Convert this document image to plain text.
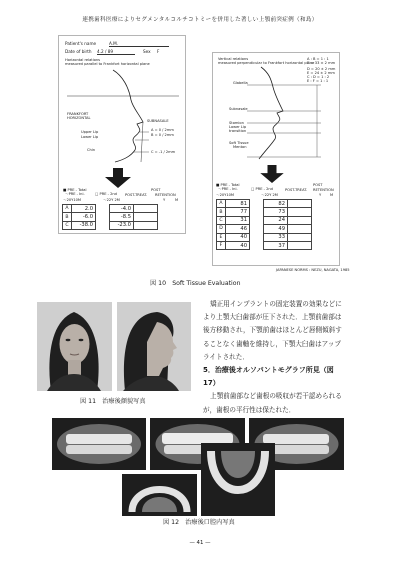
連携歯科医療によりセグメンタルコルチコトミーを併用した著しい上顎前突症例（和島）
Patient's name	A.M.
Date of birth 4.2 / 89	Sex F
Horizontal relations
measured parallel to Frankfort horizontal plane
FRANKFORT
HORIZONTAL
SUBNASALE
Upper Lip
Lower Lip
Chin
A = 0 / 2mm
B = 0 / 2mm
C = -1 / 2mm
■ PRE - Total
□ PRE - 2nd
POST
〜PRE - Ini.	POST-TREAT. RETENTION
〜20Y10M	〜22Y 2M	Y	M
A	2.0		-4.0	
B	-6.0		-8.5	
C	-38.0		-23.0	
Vertical relations
measured perpendicular to Frankfort horizontal plane
Glabella
Subnasale
Stomion
Lower Lip
transition
Soft Tissue
Menton
A : B = 1 : 1
C = 33 ± 2 mm
D = 20 ± 2 mm
E = 24 ± 2 mm
C : D = 1 : 2
E : F = 1 : 1
■ PRE - Total
□ PRE - 2nd
POST
〜PRE - Ini.	POST-TREAT. RETENTION
〜20Y10M	〜22Y 2M	Y M
A	81		82	
B	77		73	
C	31		24	
D	46		49	
E	40		33	
F	40		37	
JAPANESE NORMS : NEZU, NAGATA, 1985
図 10　Soft Tissue Evaluation
図 11　治療後顔貌写真

矯正用インプラントの固定装置の効果などにより上顎大臼歯部が圧下された．上顎前歯部は後方移動され，下顎前歯はほとんど唇側傾斜することなく歯軸を維持し，下顎大臼歯はアップライトされた．

5．治療後オルソパントモグラフ所見（図 17）

上顎前歯部など歯根の吸収が若干認められるが，歯根の平行性は保たれた．

図 12　治療後口腔内写真
— 41 —
